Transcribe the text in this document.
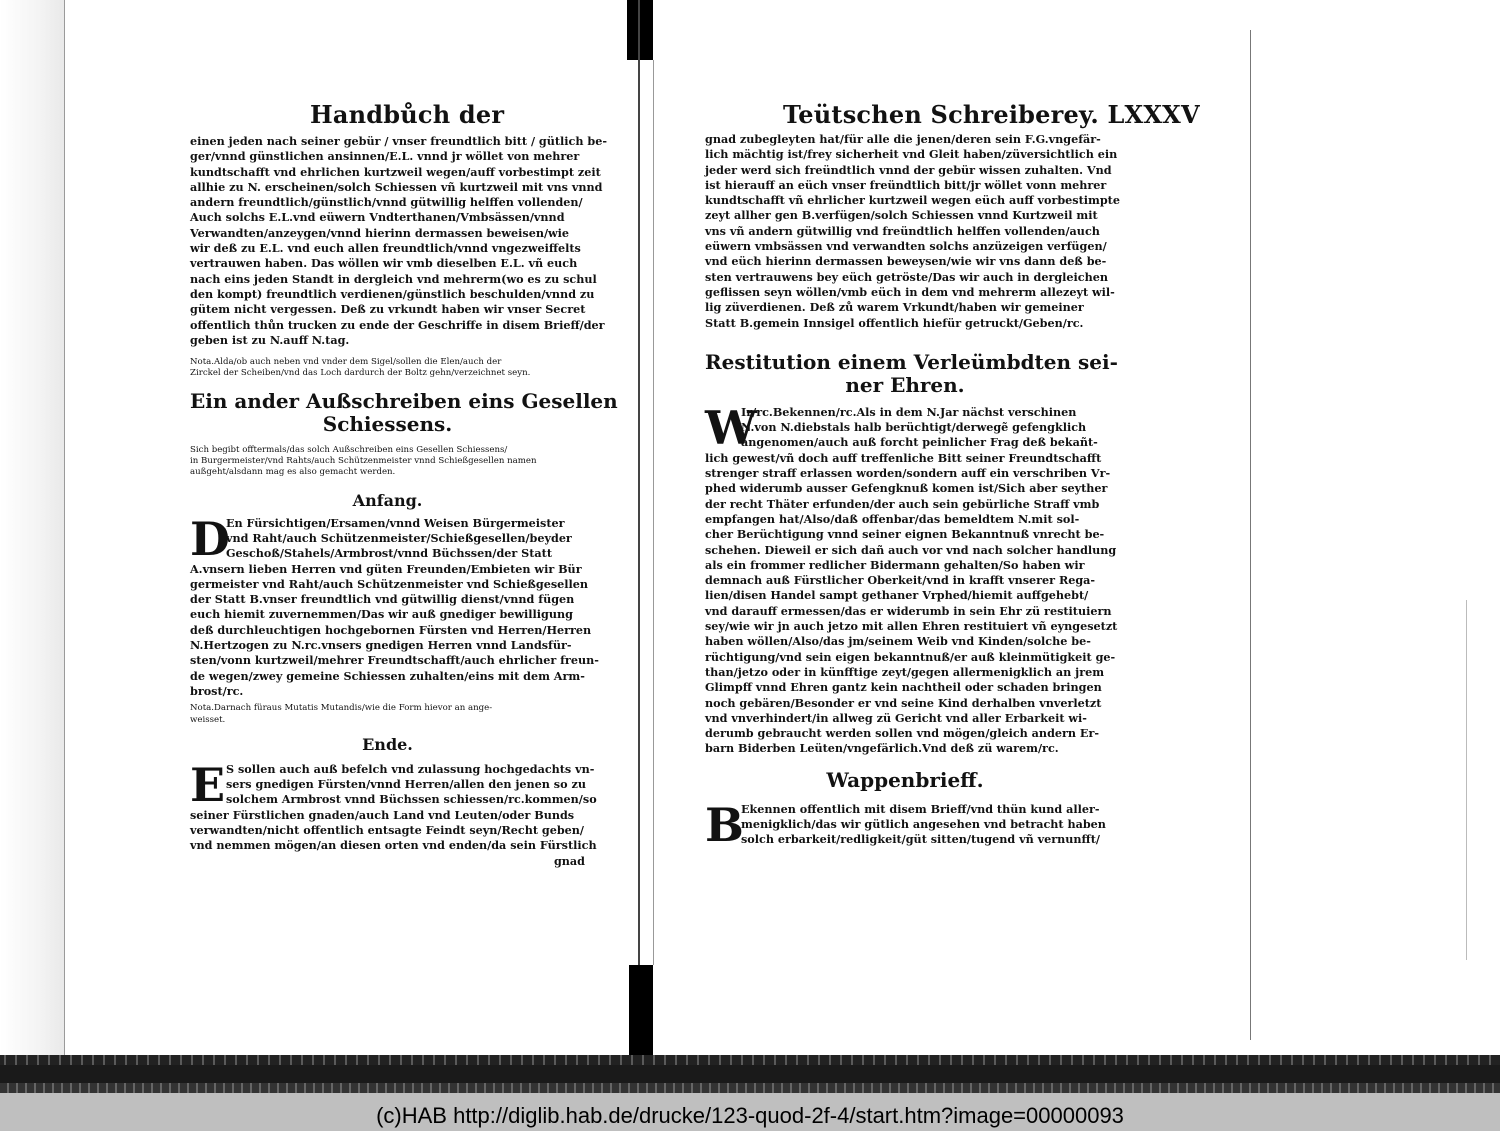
Handbůch der
einen jeden nach seiner gebür / vnser freundtlich bitt / gütlich be-
ger/vnnd günstlichen ansinnen/E.L. vnnd jr wöllet von mehrer
kundtschafft vnd ehrlichen kurtzweil wegen/auff vorbestimpt zeit
allhie zu N. erscheinen/solch Schiessen vñ kurtzweil mit vns vnnd
andern freundtlich/günstlich/vnnd gütwillig helffen vollenden/
Auch solchs E.L.vnd eüwern Vndterthanen/Vmbsässen/vnnd
Verwandten/anzeygen/vnnd hierinn dermassen beweisen/wie
wir deß zu E.L. vnd euch allen freundtlich/vnnd vngezweiffelts
vertrauwen haben. Das wöllen wir vmb dieselben E.L. vñ euch
nach eins jeden Standt in dergleich vnd mehrerm(wo es zu schul
den kompt) freundtlich verdienen/günstlich beschulden/vnnd zu
gütem nicht vergessen. Deß zu vrkundt haben wir vnser Secret
offentlich thůn trucken zu ende der Geschriffe in disem Brieff/der
geben ist zu N.auff N.tag.
Nota.Alda/ob auch neben vnd vnder dem Sigel/sollen die Elen/auch der
Zirckel der Scheiben/vnd das Loch dardurch der Boltz gehn/verzeichnet seyn.
Ein ander Außschreiben eins Gesellen
Schiessens.
Sich begibt offtermals/das solch Außschreiben eins Gesellen Schiessens/
in Burgermeister/vnd Rahts/auch Schützenmeister vnnd Schießgesellen namen
außgeht/alsdann mag es also gemacht werden.
Anfang.
D
En Fürsichtigen/Ersamen/vnnd Weisen Bürgermeister
vnd Raht/auch Schützenmeister/Schießgesellen/beyder
Geschoß/Stahels/Armbrost/vnnd Büchssen/der Statt
A.vnsern lieben Herren vnd güten Freunden/Embieten wir Bür
germeister vnd Raht/auch Schützenmeister vnd Schießgesellen
der Statt B.vnser freundtlich vnd gütwillig dienst/vnnd fügen
euch hiemit zuvernemmen/Das wir auß gnediger bewilligung
deß durchleuchtigen hochgebornen Fürsten vnd Herren/Herren
N.Hertzogen zu N.rc.vnsers gnedigen Herren vnnd Landsfür-
sten/vonn kurtzweil/mehrer Freundtschafft/auch ehrlicher freun-
de wegen/zwey gemeine Schiessen zuhalten/eins mit dem Arm-
brost/rc.
Nota.Darnach füraus Mutatis Mutandis/wie die Form hievor an ange-
weisset.
Ende.
E S sollen auch auß befelch vnd zulassung hochgedachts vn-
sers gnedigen Fürsten/vnnd Herren/allen den jenen so zu
solchem Armbrost vnnd Büchssen schiessen/rc.kommen/so
seiner Fürstlichen gnaden/auch Land vnd Leuten/oder Bunds
verwandten/nicht offentlich entsagte Feindt seyn/Recht geben/
vnd nemmen mögen/an diesen orten vnd enden/da sein Fürstlich
gnad
Teütschen Schreiberey. LXXXV
gnad zubegleyten hat/für alle die jenen/deren sein F.G.vngefär-
lich mächtig ist/frey sicherheit vnd Gleit haben/züversichtlich ein
jeder werd sich freündtlich vnnd der gebür wissen zuhalten. Vnd
ist hierauff an eüch vnser freündtlich bitt/jr wöllet vonn mehrer
kundtschafft vñ ehrlicher kurtzweil wegen eüch auff vorbestimpte
zeyt allher gen B.verfügen/solch Schiessen vnnd Kurtzweil mit
vns vñ andern gütwillig vnd freündtlich helffen vollenden/auch
eüwern vmbsässen vnd verwandten solchs anzüzeigen verfügen/
vnd eüch hierinn dermassen beweysen/wie wir vns dann deß be-
sten vertrauwens bey eüch getröste/Das wir auch in dergleichen
geflissen seyn wöllen/vmb eüch in dem vnd mehrerm allezeyt wil-
lig züverdienen. Deß zů warem Vrkundt/haben wir gemeiner
Statt B.gemein Innsigel offentlich hiefür getruckt/Geben/rc.
Restitution einem Verleümbdten sei-
ner Ehren.
W
Ir/rc.Bekennen/rc.Als in dem N.Jar nächst verschinen
N.von N.diebstals halb berüchtigt/derwegẽ gefengklich
angenomen/auch auß forcht peinlicher Frag deß bekañt-
lich gewest/vñ doch auff treffenliche Bitt seiner Freundtschafft
strenger straff erlassen worden/sondern auff ein verschriben Vr-
phed widerumb ausser Gefengknuß komen ist/Sich aber seyther
der recht Thäter erfunden/der auch sein gebürliche Straff vmb
empfangen hat/Also/daß offenbar/das bemeldtem N.mit sol-
cher Berüchtigung vnnd seiner eignen Bekanntnuß vnrecht be-
schehen. Dieweil er sich dañ auch vor vnd nach solcher handlung
als ein frommer redlicher Bidermann gehalten/So haben wir
demnach auß Fürstlicher Oberkeit/vnd in krafft vnserer Rega-
lien/disen Handel sampt gethaner Vrphed/hiemit auffgehebt/
vnd darauff ermessen/das er widerumb in sein Ehr zü restituiern
sey/wie wir jn auch jetzo mit allen Ehren restituiert vñ eyngesetzt
haben wöllen/Also/das jm/seinem Weib vnd Kinden/solche be-
rüchtigung/vnd sein eigen bekanntnuß/er auß kleinmütigkeit ge-
than/jetzo oder in künfftige zeyt/gegen allermenigklich an jrem
Glimpff vnnd Ehren gantz kein nachtheil oder schaden bringen
noch gebären/Besonder er vnd seine Kind derhalben vnverletzt
vnd vnverhindert/in allweg zü Gericht vnd aller Erbarkeit wi-
derumb gebraucht werden sollen vnd mögen/gleich andern Er-
barn Biderben Leüten/vngefärlich.Vnd deß zü warem/rc.
Wappenbrieff.
B
Ekennen offentlich mit disem Brieff/vnd thün kund aller-
menigklich/das wir gütlich angesehen vnd betracht haben
solch erbarkeit/redligkeit/güt sitten/tugend vñ vernunfft/
(c)HAB http://diglib.hab.de/drucke/123-quod-2f-4/start.htm?image=00000093
